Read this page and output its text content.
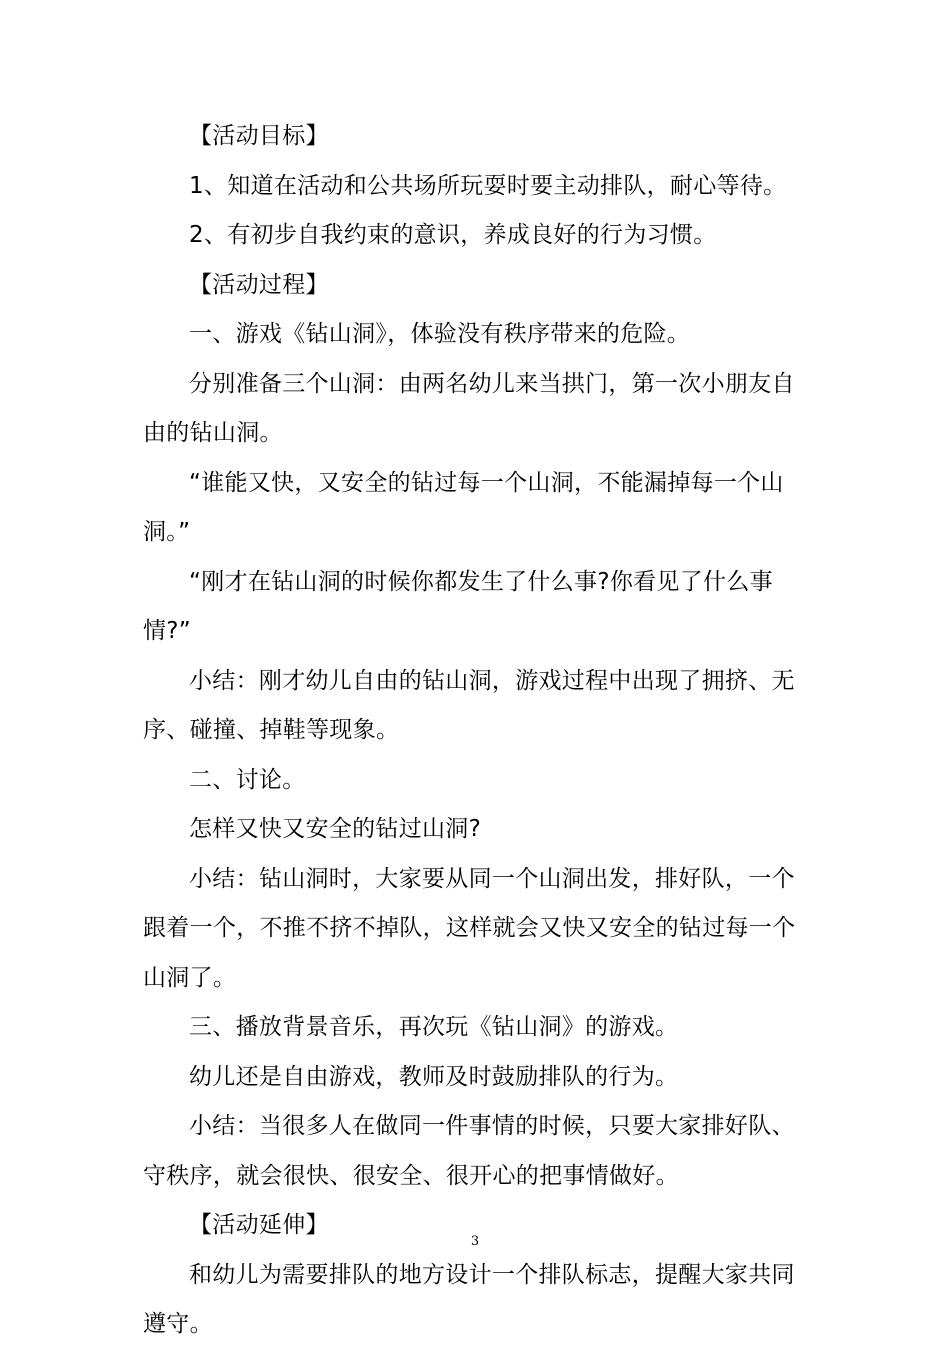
【活动目标】

1、知道在活动和公共场所玩耍时要主动排队，耐心等待。

2、有初步自我约束的意识，养成良好的行为习惯。

【活动过程】

一、游戏《钻山洞》，体验没有秩序带来的危险。

分别准备三个山洞：由两名幼儿来当拱门，第一次小朋友自由的钻山洞。

“谁能又快，又安全的钻过每一个山洞，不能漏掉每一个山洞。”

“刚才在钻山洞的时候你都发生了什么事?你看见了什么事情?”

小结：刚才幼儿自由的钻山洞，游戏过程中出现了拥挤、无序、碰撞、掉鞋等现象。

二、讨论。

怎样又快又安全的钻过山洞?

小结：钻山洞时，大家要从同一个山洞出发，排好队，一个跟着一个，不推不挤不掉队，这样就会又快又安全的钻过每一个山洞了。

三、播放背景音乐，再次玩《钻山洞》的游戏。

幼儿还是自由游戏，教师及时鼓励排队的行为。

小结：当很多人在做同一件事情的时候，只要大家排好队、守秩序，就会很快、很安全、很开心的把事情做好。

【活动延伸】

和幼儿为需要排队的地方设计一个排队标志，提醒大家共同遵守。

3
